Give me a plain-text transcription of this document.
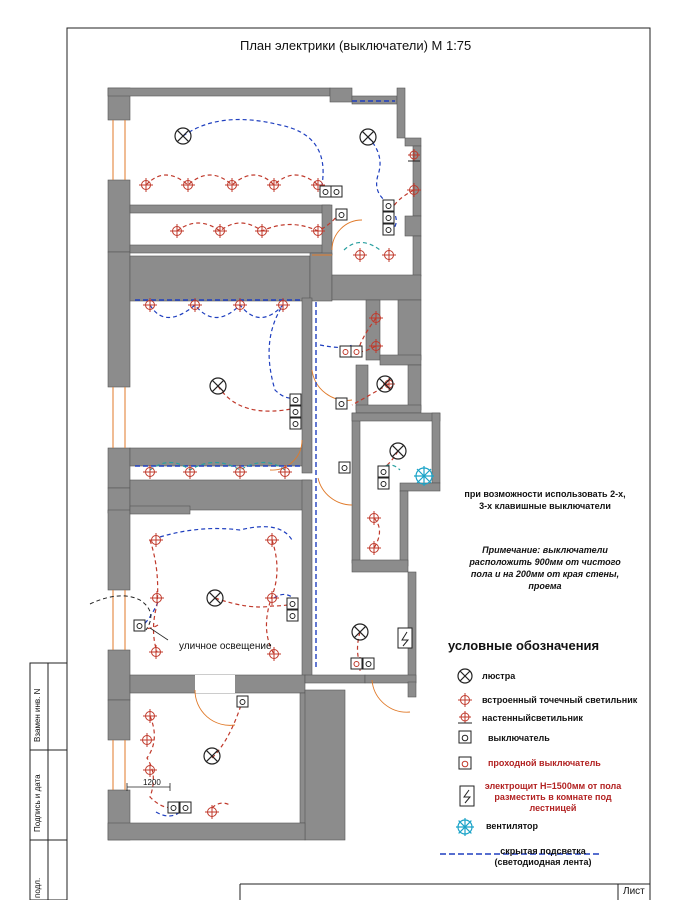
План электрики (выключатели) М 1:75
при возможности использовать 2-х, 3-х клавишные выключатели
Примечание: выключатели расположить 900мм от чистого пола и на 200мм от края стены, проема
условные обозначения
люстра
встроенный точечный светильник
настенныйсветильник
выключатель
проходной выключатель
электрощит Н=1500мм от пола разместить в комнате под лестницей
вентилятор
скрытая подсветка (светодиодная лента)
уличное освещение
1200
Взамен инв. N
Подпись и дата
подл.	Лист
